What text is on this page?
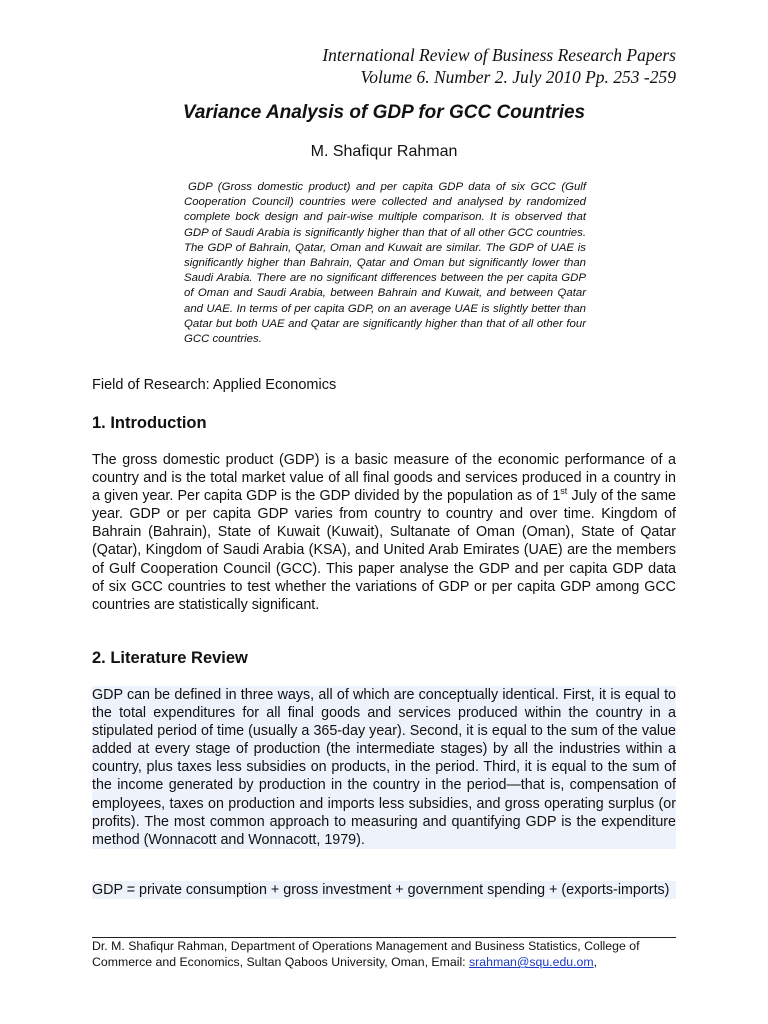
International Review of Business Research Papers
Volume 6. Number 2. July 2010 Pp. 253 -259
Variance Analysis of GDP for GCC Countries
M. Shafiqur Rahman

GDP (Gross domestic product) and per capita GDP data of six GCC (Gulf Cooperation Council) countries were collected and analysed by randomized complete bock design and pair-wise multiple comparison. It is observed that GDP of Saudi Arabia is significantly higher than that of all other GCC countries. The GDP of Bahrain, Qatar, Oman and Kuwait are similar. The GDP of UAE is significantly higher than Bahrain, Qatar and Oman but significantly lower than Saudi Arabia. There are no significant differences between the per capita GDP of Oman and Saudi Arabia, between Bahrain and Kuwait, and between Qatar and UAE. In terms of per capita GDP, on an average UAE is slightly better than Qatar but both UAE and Qatar are significantly higher than that of all other four GCC countries.

Field of Research: Applied Economics
1. Introduction

The gross domestic product (GDP) is a basic measure of the economic performance of a country and is the total market value of all final goods and services produced in a country in a given year. Per capita GDP is the GDP divided by the population as of 1st July of the same year. GDP or per capita GDP varies from country to country and over time. Kingdom of Bahrain (Bahrain), State of Kuwait (Kuwait), Sultanate of Oman (Oman), State of Qatar (Qatar), Kingdom of Saudi Arabia (KSA), and United Arab Emirates (UAE) are the members of Gulf Cooperation Council (GCC). This paper analyse the GDP and per capita GDP data of six GCC countries to test whether the variations of GDP or per capita GDP among GCC countries are statistically significant.

2. Literature Review

GDP can be defined in three ways, all of which are conceptually identical. First, it is equal to the total expenditures for all final goods and services produced within the country in a stipulated period of time (usually a 365-day year). Second, it is equal to the sum of the value added at every stage of production (the intermediate stages) by all the industries within a country, plus taxes less subsidies on products, in the period. Third, it is equal to the sum of the income generated by production in the country in the period—that is, compensation of employees, taxes on production and imports less subsidies, and gross operating surplus (or profits). The most common approach to measuring and quantifying GDP is the expenditure method (Wonnacott and Wonnacott, 1979).

GDP = private consumption + gross investment + government spending + (exports-imports)

Dr. M. Shafiqur Rahman, Department of Operations Management and Business Statistics, College of Commerce and Economics, Sultan Qaboos University, Oman, Email: srahman@squ.edu.om,
